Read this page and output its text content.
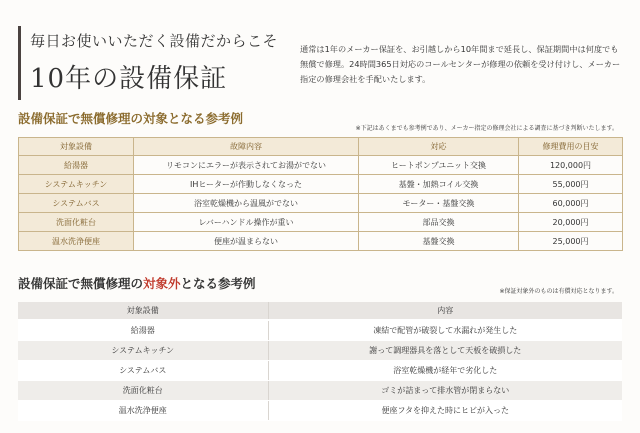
毎日お使いいただく設備だからこそ
10年の設備保証
通常は1年のメーカー保証を、お引越しから10年間まで延長し、保証期間中は何度でも無償で修理。24時間365日対応のコールセンターが修理の依頼を受け付けし、メーカー指定の修理会社を手配いたします。
設備保証で無償修理の対象となる参考例
※下記はあくまでも参考例であり、メーカー指定の修理会社による調査に基づき判断いたします。
対象設備	故障内容	対応	修理費用の目安
給湯器	リモコンにエラーが表示されてお湯がでない	ヒートポンプユニット交換	120,000円
システムキッチン	IHヒーターが作動しなくなった	基盤・加熱コイル交換	55,000円
システムバス	浴室乾燥機から温風がでない	モーター・基盤交換	60,000円
洗面化粧台	レバーハンドル操作が重い	部品交換	20,000円
温水洗浄便座	便座が温まらない	基盤交換	25,000円
設備保証で無償修理の対象外となる参考例
※保証対象外のものは有償対応となります。
対象設備	内容
給湯器	凍結で配管が破裂して水漏れが発生した
システムキッチン	謝って調理器具を落として天板を破損した
システムバス	浴室乾燥機が経年で劣化した
洗面化粧台	ゴミが詰まって排水管が閉まらない
温水洗浄便座	便座フタを抑えた時にヒビが入った
